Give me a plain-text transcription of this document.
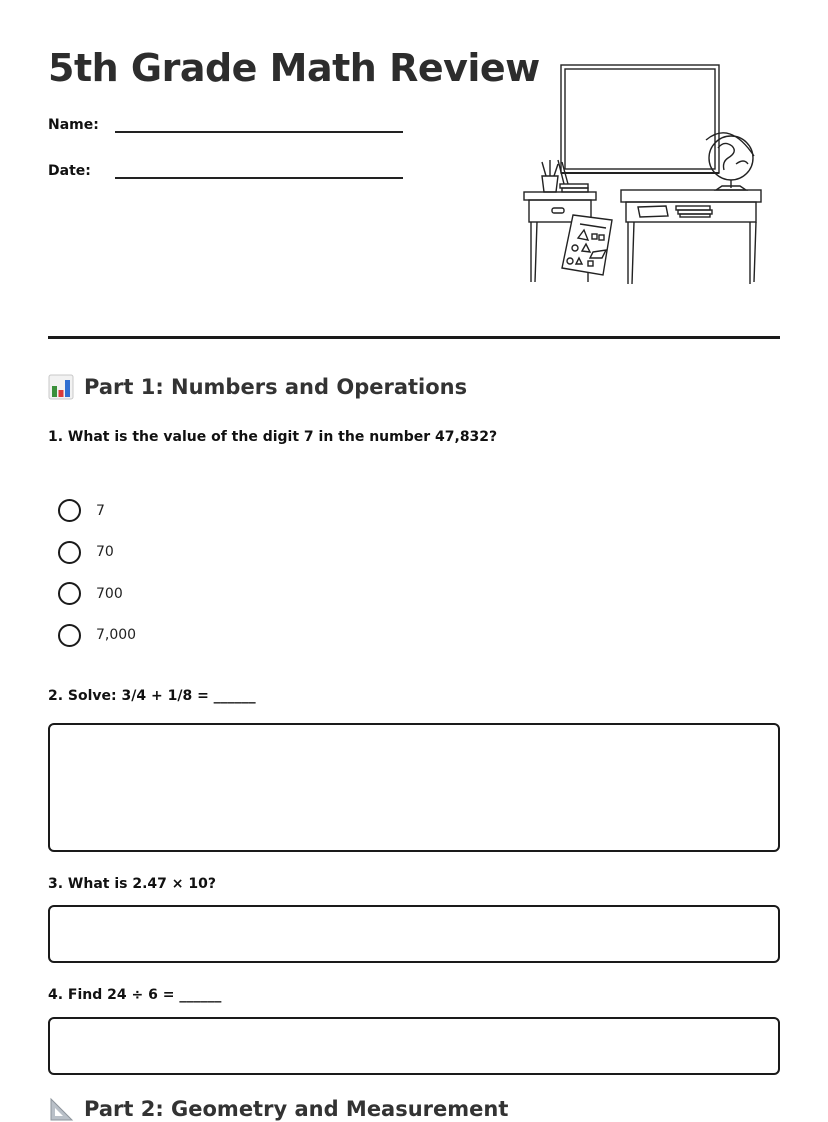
5th Grade Math Review
Name:
Date:
Part 1: Numbers and Operations

1. What is the value of the digit 7 in the number 47,832?

7
70
700
7,000

2. Solve: 3/4 + 1/8 = ______

3. What is 2.47 × 10?

4. Find 24 ÷ 6 = ______

Part 2: Geometry and Measurement
